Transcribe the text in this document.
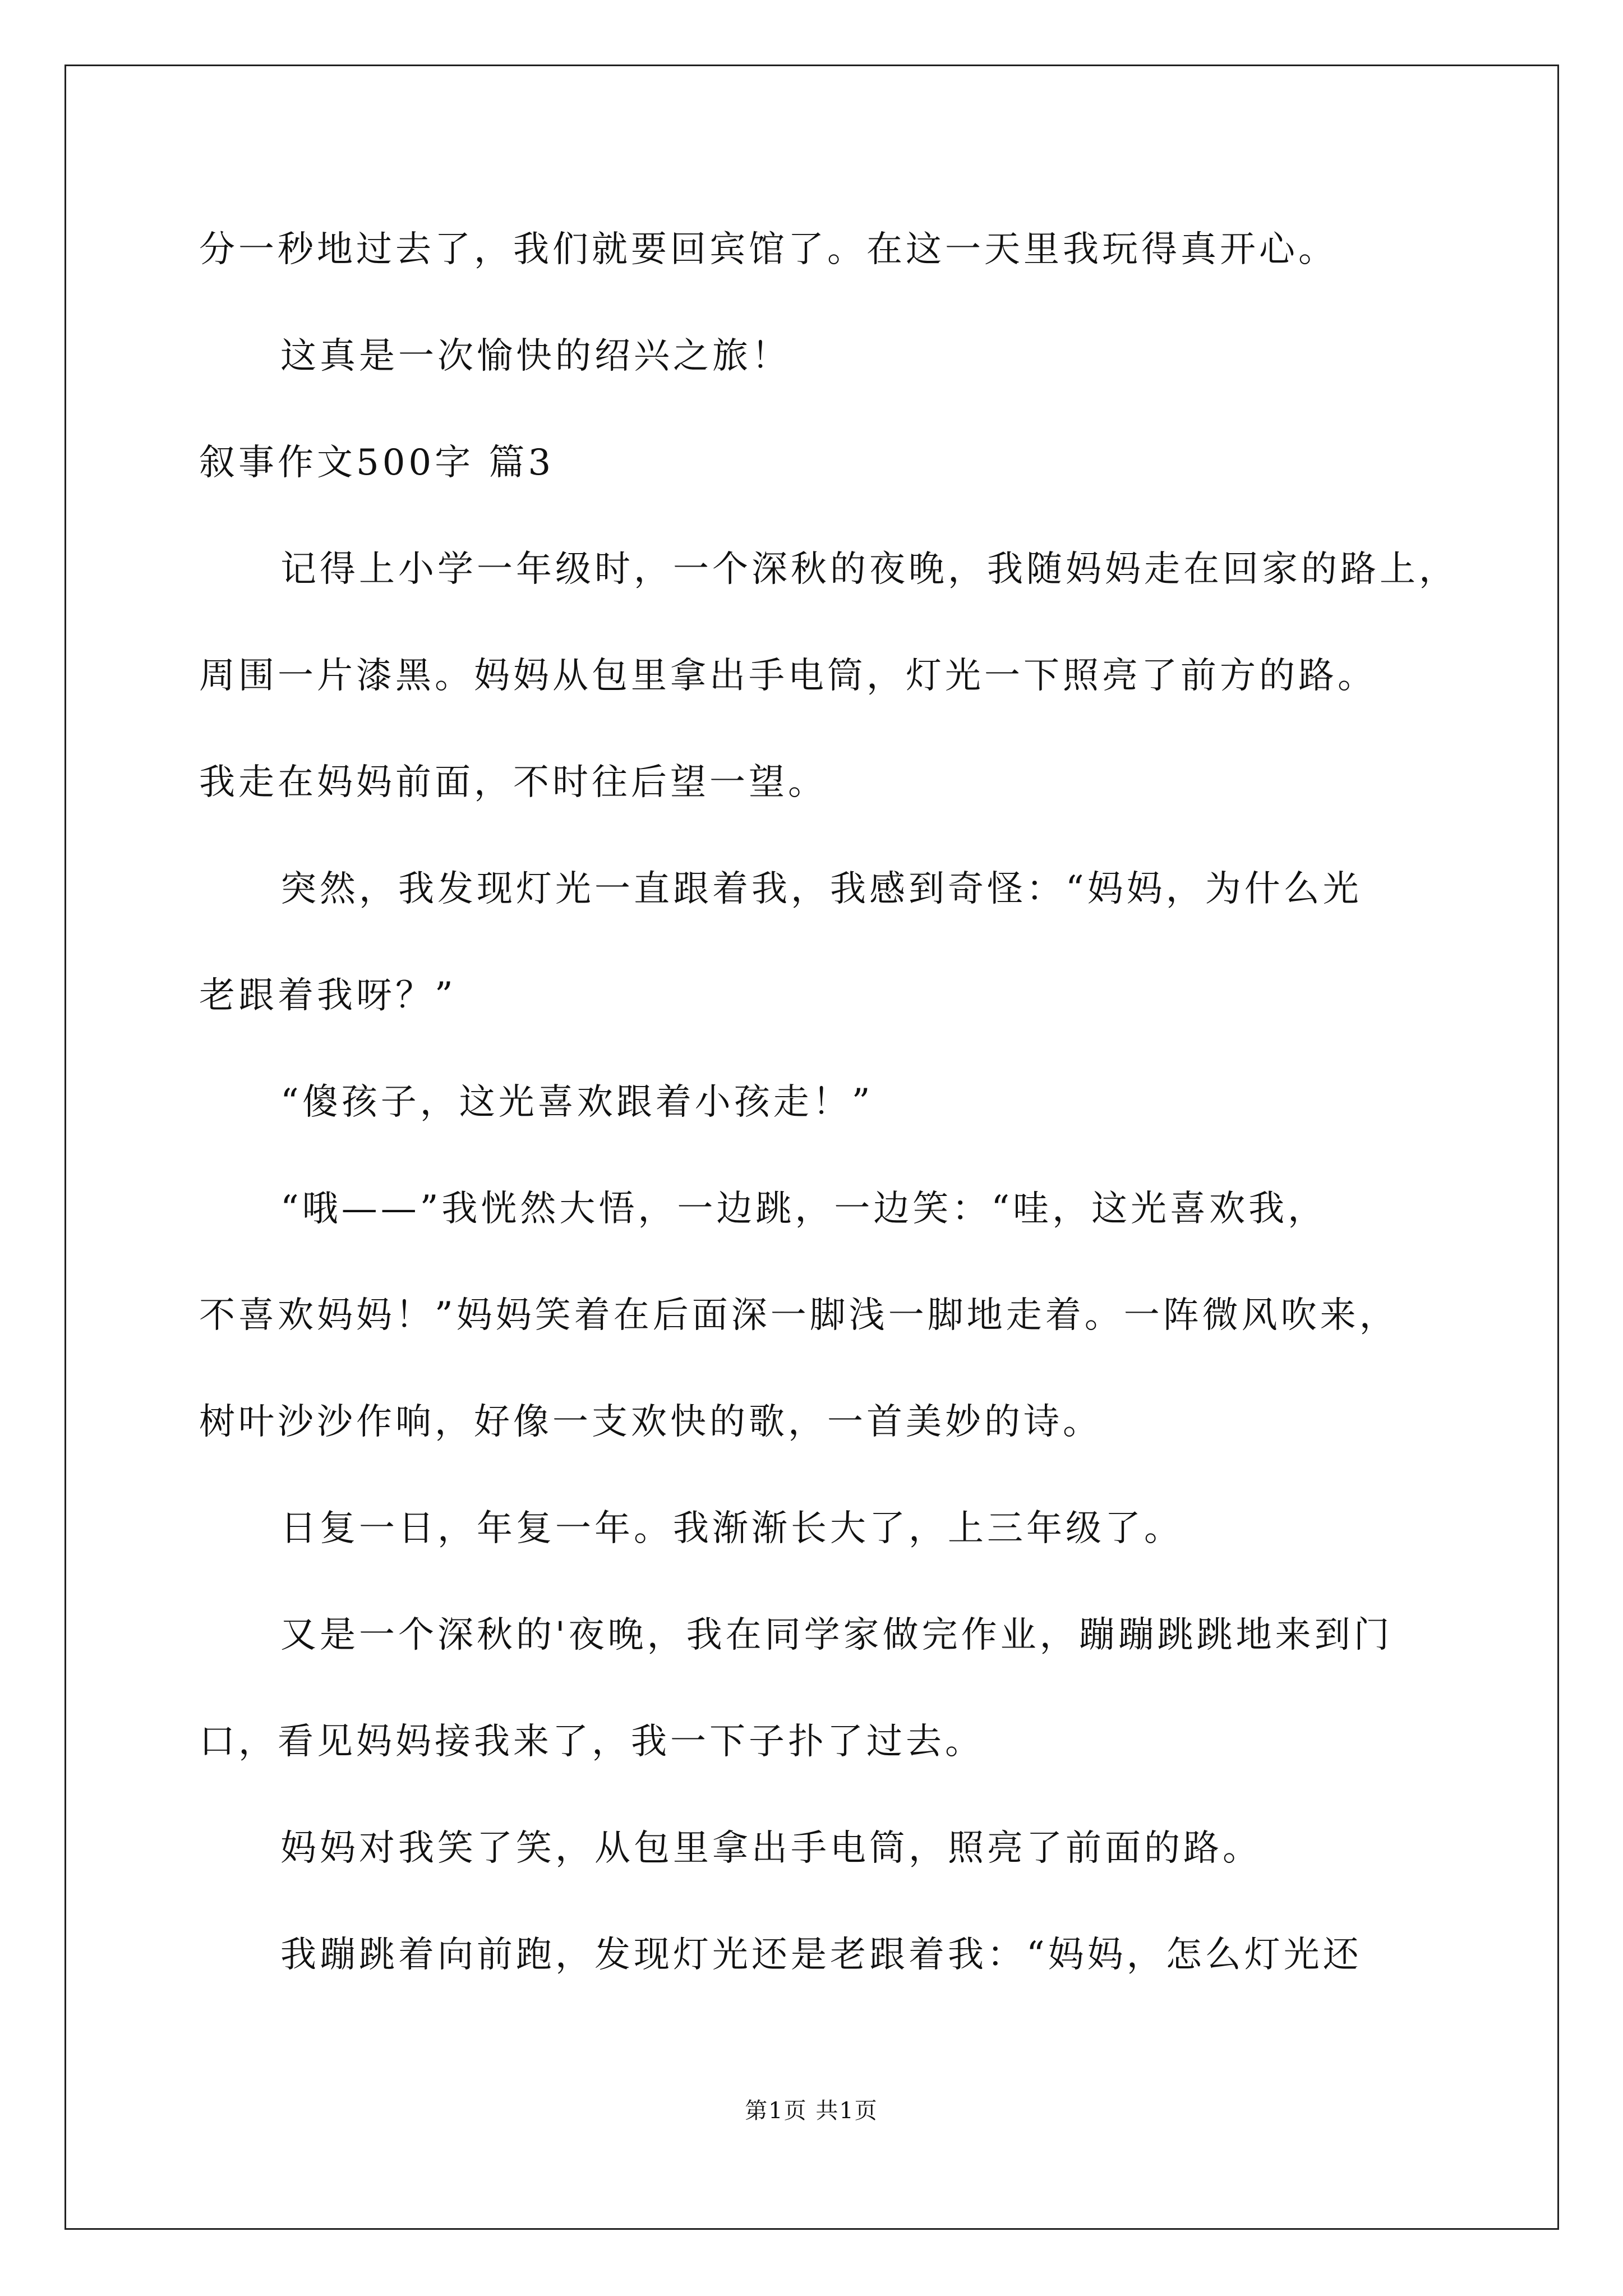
分一秒地过去了，我们就要回宾馆了。在这一天里我玩得真开心。
这真是一次愉快的绍兴之旅！
叙事作文500字 篇3
记得上小学一年级时，一个深秋的夜晚，我随妈妈走在回家的路上，
周围一片漆黑。妈妈从包里拿出手电筒，灯光一下照亮了前方的路。
我走在妈妈前面，不时往后望一望。
突然，我发现灯光一直跟着我，我感到奇怪：“妈妈，为什么光
老跟着我呀？”
“傻孩子，这光喜欢跟着小孩走！”
“哦——”我恍然大悟，一边跳，一边笑：“哇，这光喜欢我，
不喜欢妈妈！”妈妈笑着在后面深一脚浅一脚地走着。一阵微风吹来，
树叶沙沙作响，好像一支欢快的歌，一首美妙的诗。
日复一日，年复一年。我渐渐长大了，上三年级了。
又是一个深秋的'夜晚，我在同学家做完作业，蹦蹦跳跳地来到门
口，看见妈妈接我来了，我一下子扑了过去。
妈妈对我笑了笑，从包里拿出手电筒，照亮了前面的路。
我蹦跳着向前跑，发现灯光还是老跟着我：“妈妈，怎么灯光还
第1页 共1页
